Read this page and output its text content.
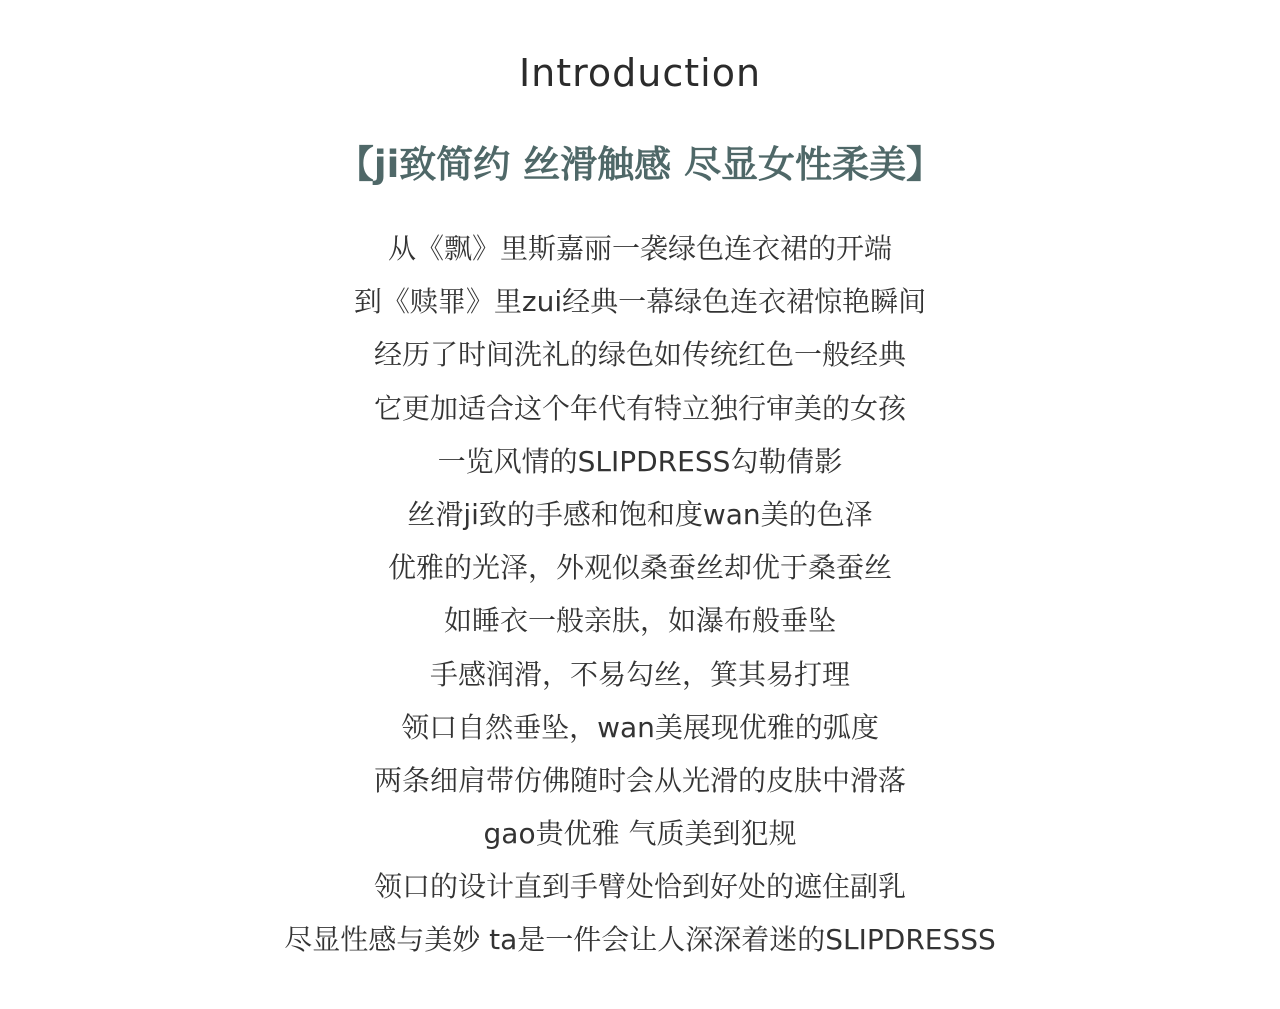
Introduction
【ji致简约 丝滑触感 尽显女性柔美】
从《飘》里斯嘉丽一袭绿色连衣裙的开端
到《赎罪》里zui经典一幕绿色连衣裙惊艳瞬间
经历了时间洗礼的绿色如传统红色一般经典
它更加适合这个年代有特立独行审美的女孩
一览风情的SLIPDRESS勾勒倩影
丝滑ji致的手感和饱和度wan美的色泽
优雅的光泽，外观似桑蚕丝却优于桑蚕丝
如睡衣一般亲肤，如瀑布般垂坠
手感润滑，不易勾丝，箕其易打理
领口自然垂坠，wan美展现优雅的弧度
两条细肩带仿佛随时会从光滑的皮肤中滑落
gao贵优雅 气质美到犯规
领口的设计直到手臂处恰到好处的遮住副乳
尽显性感与美妙 ta是一件会让人深深着迷的SLIPDRESSS
